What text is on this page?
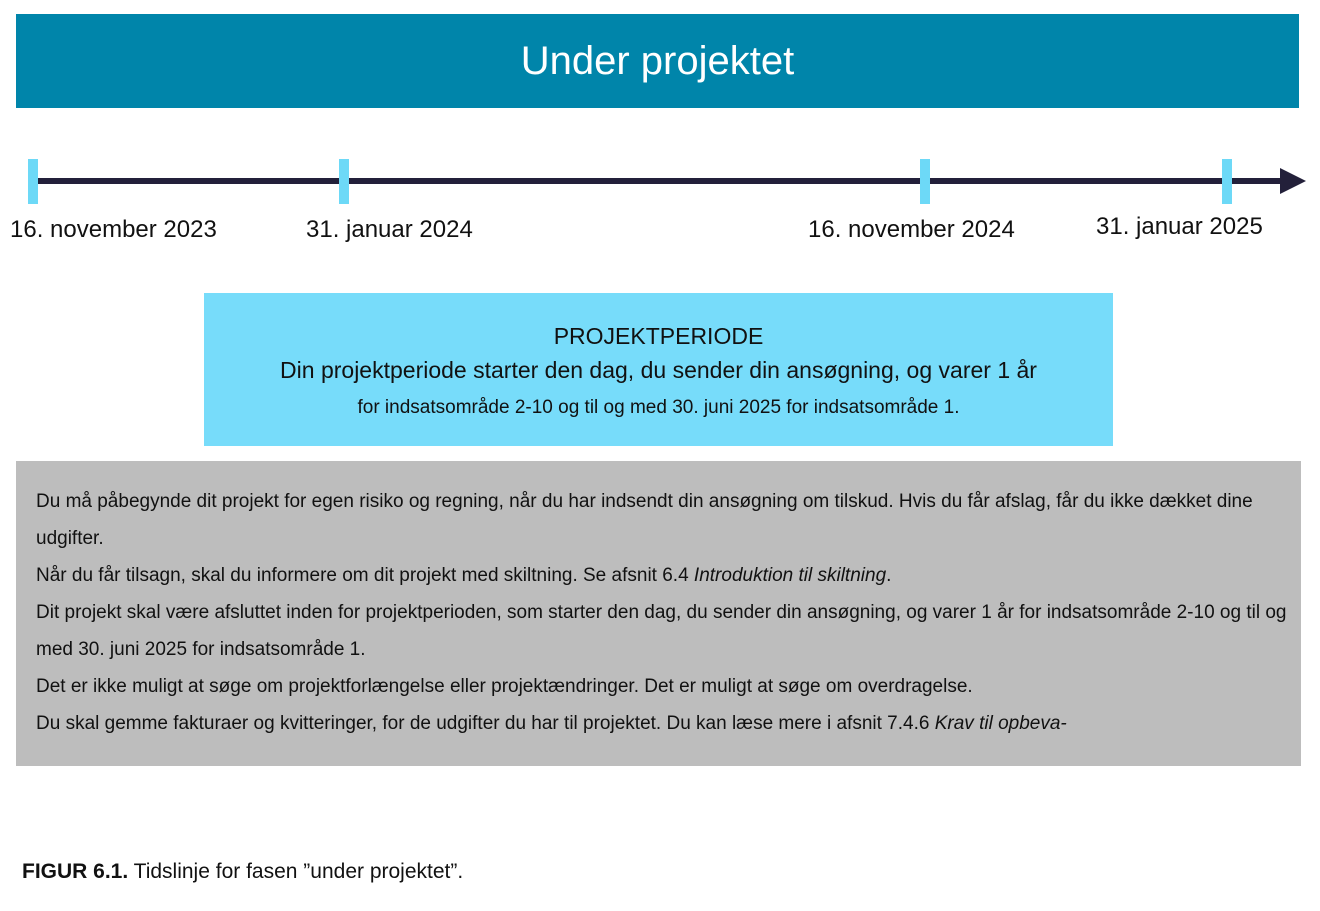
Under projektet
16. november 2023	31. januar 2024	16. november 2024	31. januar 2025
PROJEKTPERIODE
Din projektperiode starter den dag, du sender din ansøgning, og varer 1 år
for indsatsområde 2-10 og til og med 30. juni 2025 for indsatsområde 1.
Du må påbegynde dit projekt for egen risiko og regning, når du har indsendt din ansøgning om tilskud. Hvis du får afslag, får du ikke dækket dine udgifter.
Når du får tilsagn, skal du informere om dit projekt med skiltning. Se afsnit 6.4 Introduktion til skiltning.
Dit projekt skal være afsluttet inden for projektperioden, som starter den dag, du sender din ansøgning, og varer 1 år for indsatsområde 2-10 og til og med 30. juni 2025 for indsatsområde 1.
Det er ikke muligt at søge om projektforlængelse eller projektændringer. Det er muligt at søge om overdragelse.
Du skal gemme fakturaer og kvitteringer, for de udgifter du har til projektet. Du kan læse mere i afsnit 7.4.6 Krav til opbeva-
FIGUR 6.1. Tidslinje for fasen ”under projektet”.
